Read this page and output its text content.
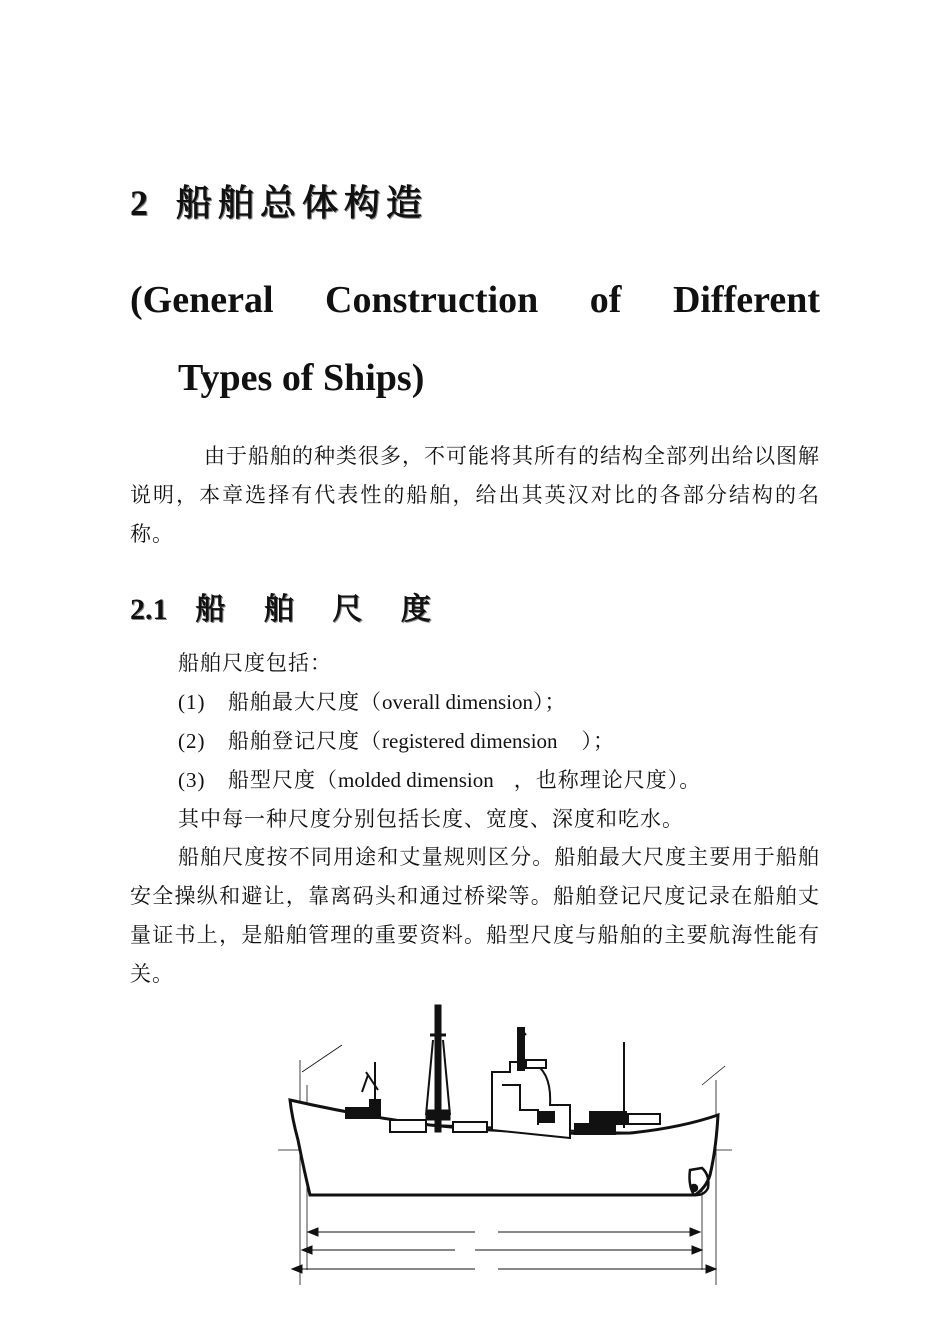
2 船舶总体构造
(General Construction of Different
Types of Ships)
由于船舶的种类很多，不可能将其所有的结构全部列出给以图解说明，本章选择有代表性的船舶，给出其英汉对比的各部分结构的名称。
2.1 船 舶 尺 度
船舶尺度包括：
(1) 船舶最大尺度（overall dimension）；
(2) 船舶登记尺度（registered dimension ）；
(3) 船型尺度（molded dimension ，也称理论尺度）。
其中每一种尺度分别包括长度、宽度、深度和吃水。
船舶尺度按不同用途和丈量规则区分。船舶最大尺度主要用于船舶安全操纵和避让，靠离码头和通过桥梁等。船舶登记尺度记录在船舶丈量证书上，是船舶管理的重要资料。船型尺度与船舶的主要航海性能有关。
